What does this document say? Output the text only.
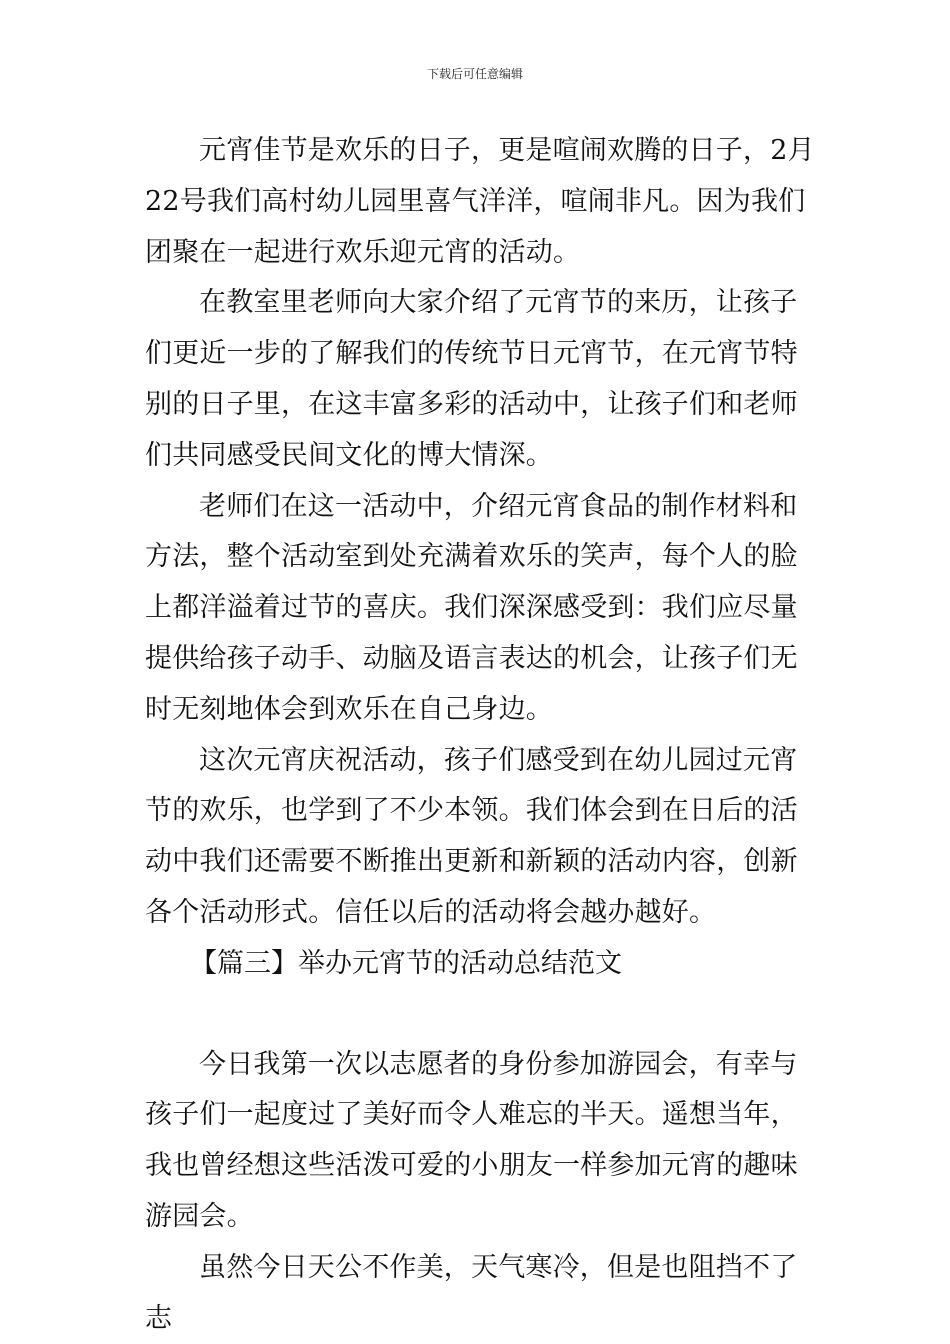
下载后可任意编辑

元宵佳节是欢乐的日子，更是喧闹欢腾的日子，2月22号我们高村幼儿园里喜气洋洋，喧闹非凡。因为我们团聚在一起进行欢乐迎元宵的活动。

在教室里老师向大家介绍了元宵节的来历，让孩子们更近一步的了解我们的传统节日元宵节，在元宵节特别的日子里，在这丰富多彩的活动中，让孩子们和老师们共同感受民间文化的博大情深。

老师们在这一活动中，介绍元宵食品的制作材料和方法，整个活动室到处充满着欢乐的笑声，每个人的脸上都洋溢着过节的喜庆。我们深深感受到：我们应尽量提供给孩子动手、动脑及语言表达的机会，让孩子们无时无刻地体会到欢乐在自己身边。

这次元宵庆祝活动，孩子们感受到在幼儿园过元宵节的欢乐，也学到了不少本领。我们体会到在日后的活动中我们还需要不断推出更新和新颖的活动内容，创新各个活动形式。信任以后的活动将会越办越好。

【篇三】举办元宵节的活动总结范文

今日我第一次以志愿者的身份参加游园会，有幸与孩子们一起度过了美好而令人难忘的半天。遥想当年，我也曾经想这些活泼可爱的小朋友一样参加元宵的趣味游园会。

虽然今日天公不作美，天气寒冷，但是也阻挡不了志
